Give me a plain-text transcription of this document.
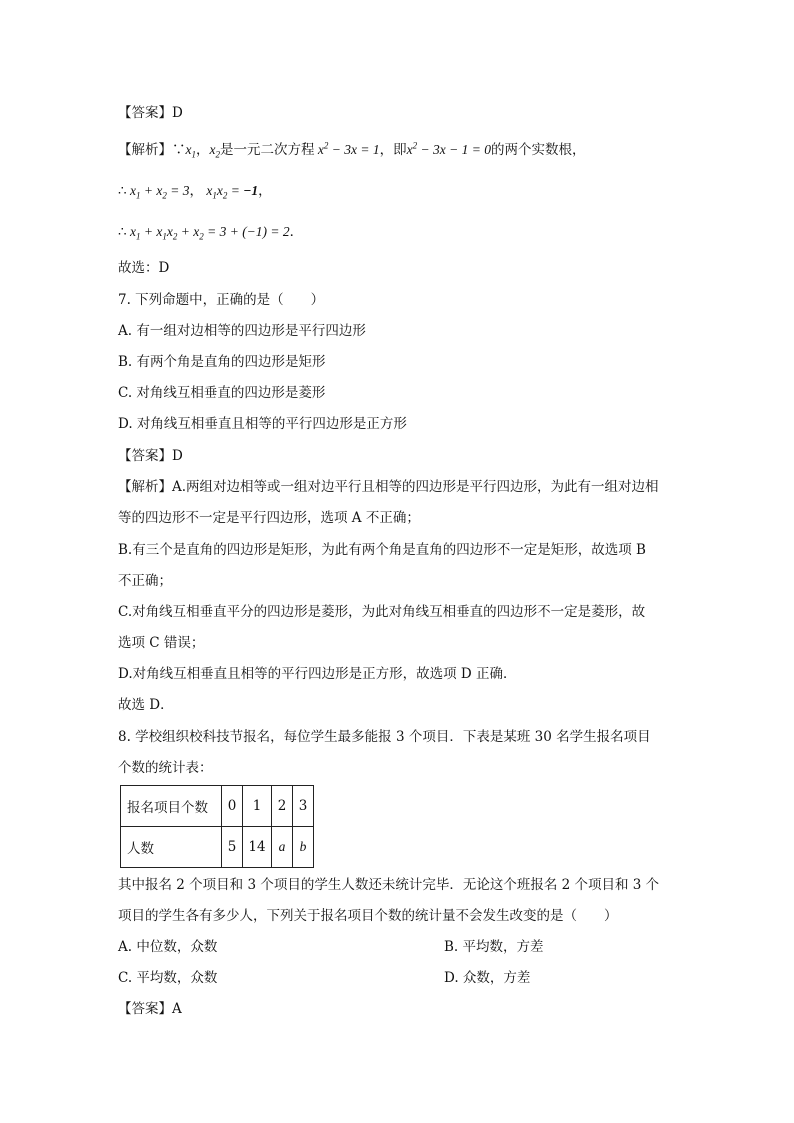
【答案】D
【解析】$\because x_1$，$x_2$是一元二次方程 $x^2 - 3x = 1$，即$x^2 - 3x - 1 = 0$的两个实数根，
∴ $x_1 + x_2 = 3$， $x_1x_2 = -1$，
∴ $x_1 + x_1x_2 + x_2 = 3 + (-1) = 2$．
故选：D
7. 下列命题中，正确的是（　　）
A. 有一组对边相等的四边形是平行四边形
B. 有两个角是直角的四边形是矩形
C. 对角线互相垂直的四边形是菱形
D. 对角线互相垂直且相等的平行四边形是正方形
【答案】D
【解析】A.两组对边相等或一组对边平行且相等的四边形是平行四边形，为此有一组对边相
等的四边形不一定是平行四边形，选项 A 不正确；
B.有三个是直角的四边形是矩形，为此有两个角是直角的四边形不一定是矩形，故选项 B
不正确；
C.对角线互相垂直平分的四边形是菱形，为此对角线互相垂直的四边形不一定是菱形，故
选项 C 错误；
D.对角线互相垂直且相等的平行四边形是正方形，故选项 D 正确．
故选 D．
8. 学校组织校科技节报名，每位学生最多能报 3 个项目．下表是某班 30 名学生报名项目
个数的统计表：
报名项目个数	0	1	2	3
人数	5	14	a	b
其中报名 2 个项目和 3 个项目的学生人数还未统计完毕．无论这个班报名 2 个项目和 3 个
项目的学生各有多少人，下列关于报名项目个数的统计量不会发生改变的是（　　）
A. 中位数，众数	B. 平均数，方差
C. 平均数，众数	D. 众数，方差
【答案】A
